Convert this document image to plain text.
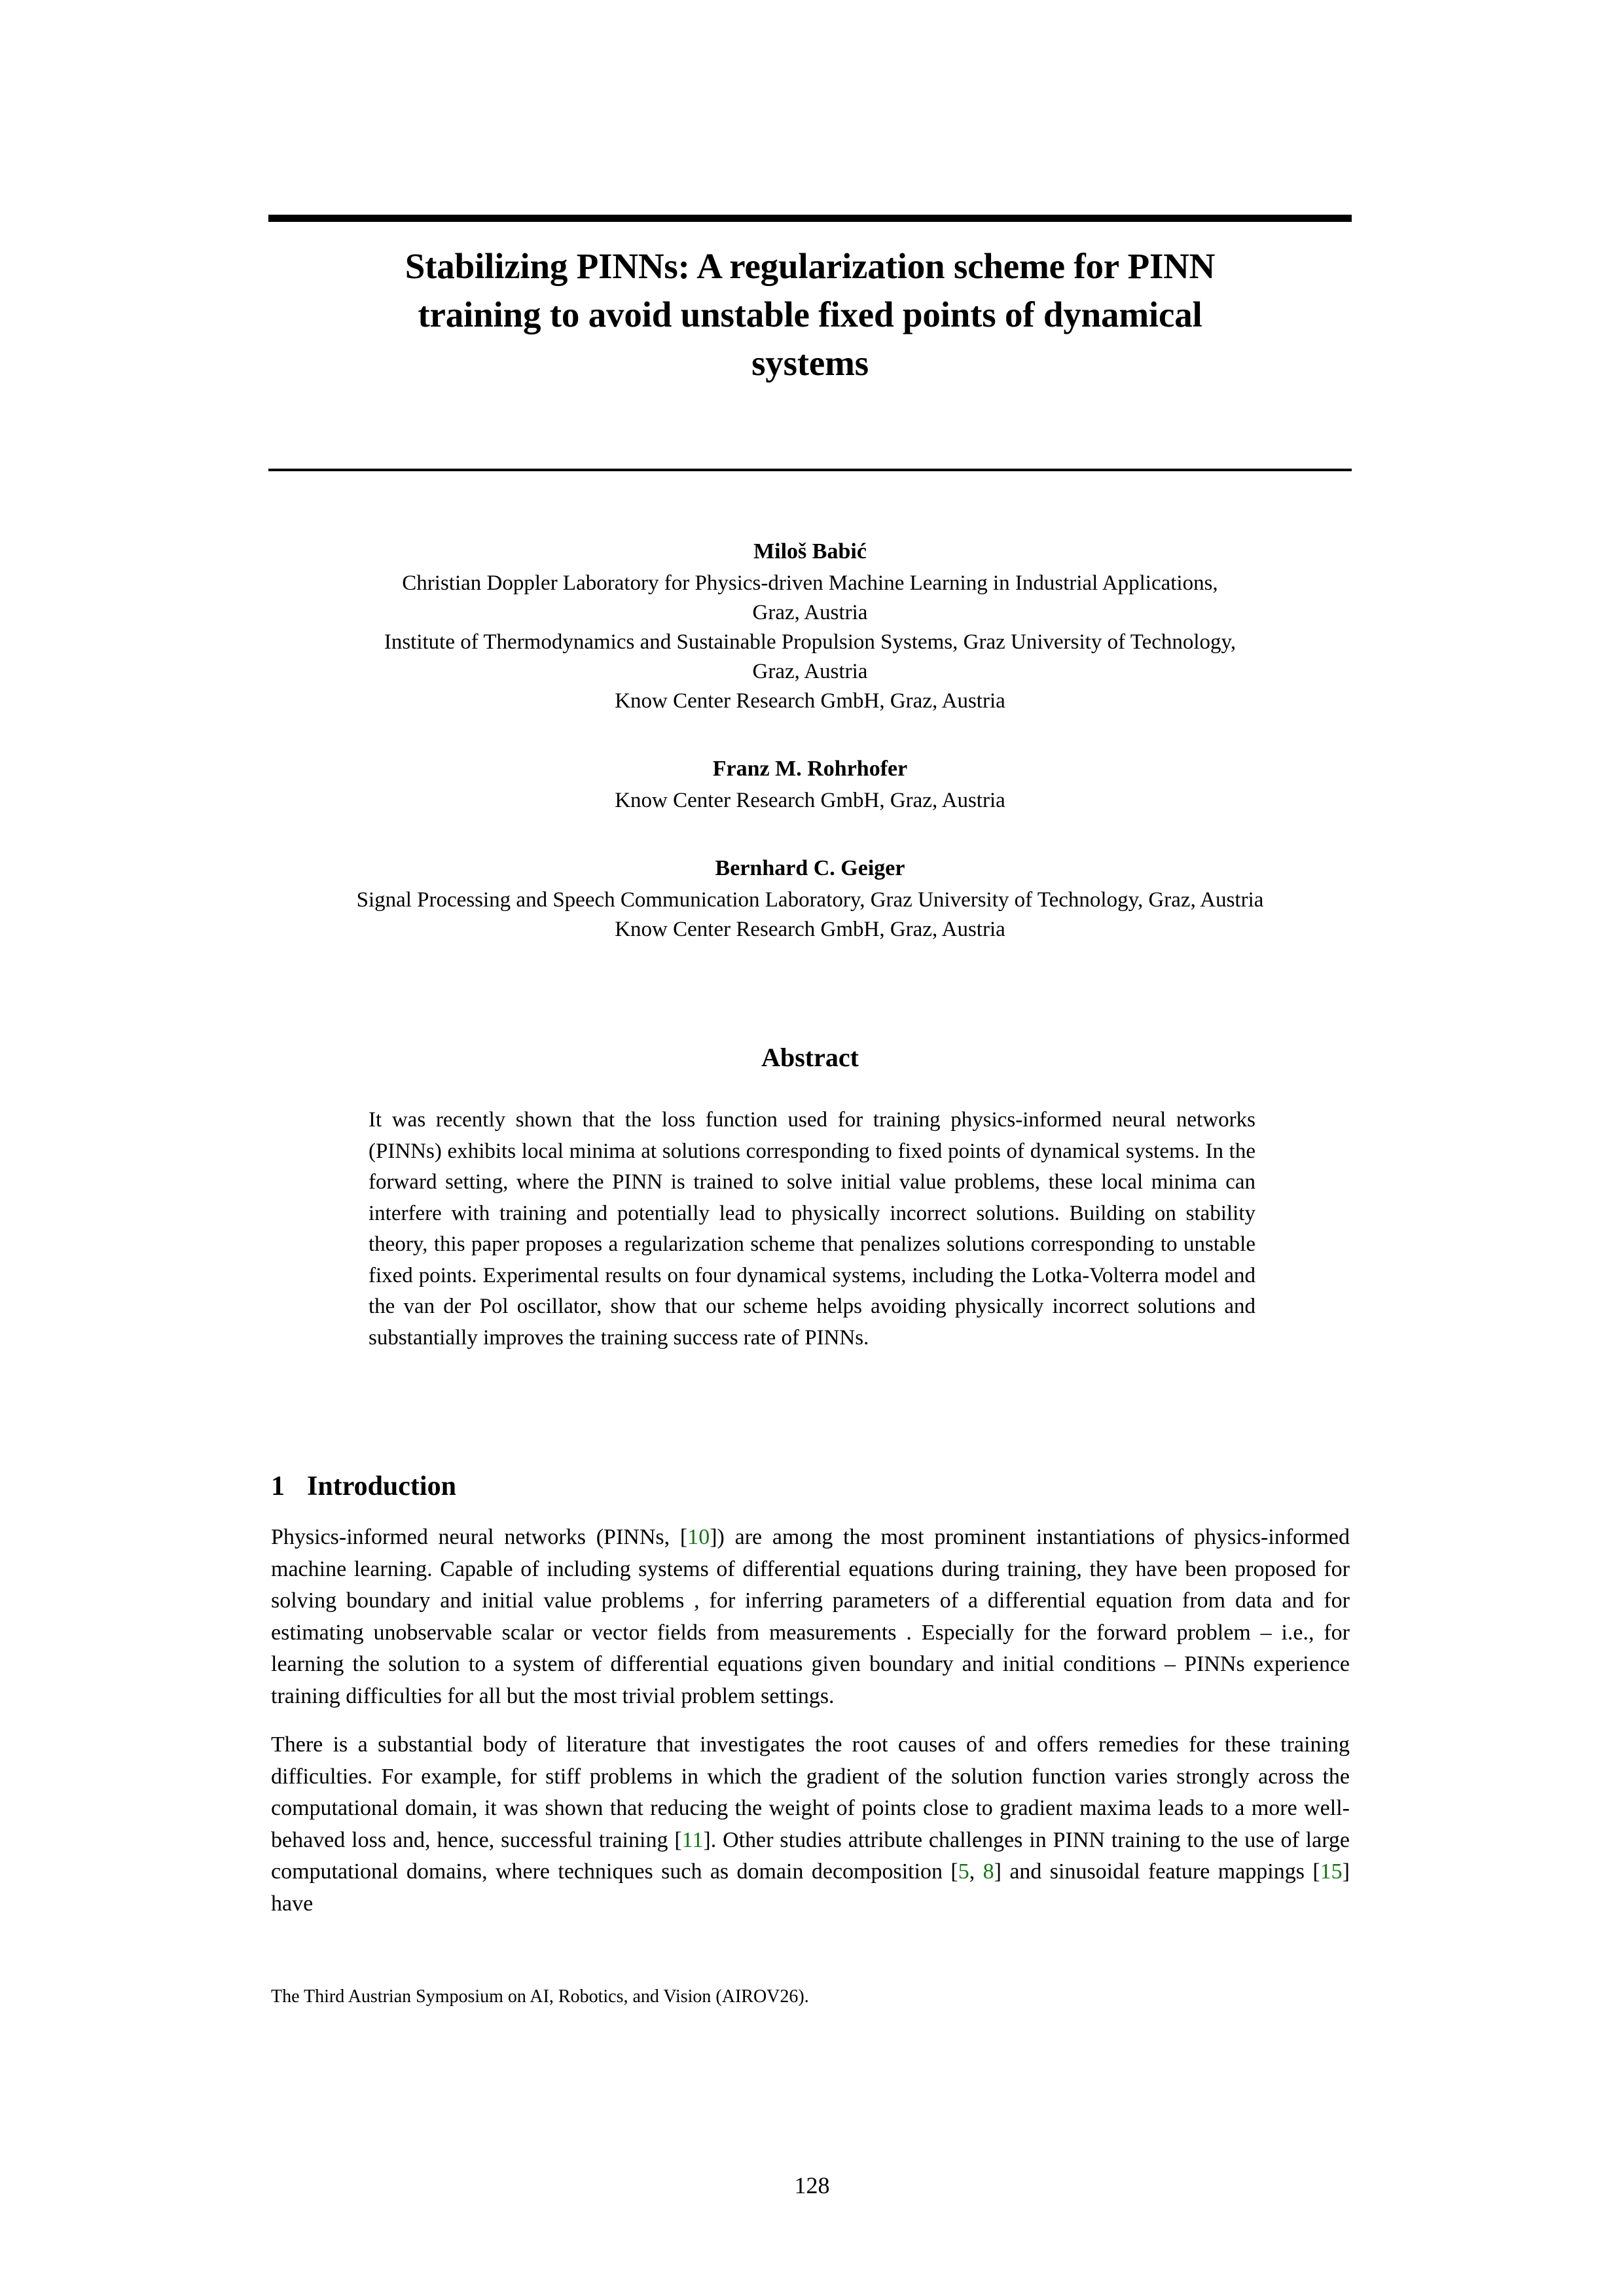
Stabilizing PINNs: A regularization scheme for PINN
training to avoid unstable fixed points of dynamical
systems
Miloš Babić
Christian Doppler Laboratory for Physics-driven Machine Learning in Industrial Applications,
Graz, Austria
Institute of Thermodynamics and Sustainable Propulsion Systems, Graz University of Technology,
Graz, Austria
Know Center Research GmbH, Graz, Austria
Franz M. Rohrhofer
Know Center Research GmbH, Graz, Austria
Bernhard C. Geiger
Signal Processing and Speech Communication Laboratory, Graz University of Technology, Graz, Austria
Know Center Research GmbH, Graz, Austria
Abstract
It was recently shown that the loss function used for training physics-informed neural networks (PINNs) exhibits local minima at solutions corresponding to fixed points of dynamical systems. In the forward setting, where the PINN is trained to solve initial value problems, these local minima can interfere with training and potentially lead to physically incorrect solutions. Building on stability theory, this paper proposes a regularization scheme that penalizes solutions corresponding to unstable fixed points. Experimental results on four dynamical systems, including the Lotka-Volterra model and the van der Pol oscillator, show that our scheme helps avoiding physically incorrect solutions and substantially improves the training success rate of PINNs.
1 Introduction

Physics-informed neural networks (PINNs, [10]) are among the most prominent instantiations of physics-informed machine learning. Capable of including systems of differential equations during training, they have been proposed for solving boundary and initial value problems , for inferring parameters of a differential equation from data and for estimating unobservable scalar or vector fields from measurements . Especially for the forward problem – i.e., for learning the solution to a system of differential equations given boundary and initial conditions – PINNs experience training difficulties for all but the most trivial problem settings.

There is a substantial body of literature that investigates the root causes of and offers remedies for these training difficulties. For example, for stiff problems in which the gradient of the solution function varies strongly across the computational domain, it was shown that reducing the weight of points close to gradient maxima leads to a more well-behaved loss and, hence, successful training [11]. Other studies attribute challenges in PINN training to the use of large computational domains, where techniques such as domain decomposition [5, 8] and sinusoidal feature mappings [15] have

The Third Austrian Symposium on AI, Robotics, and Vision (AIROV26).
128
